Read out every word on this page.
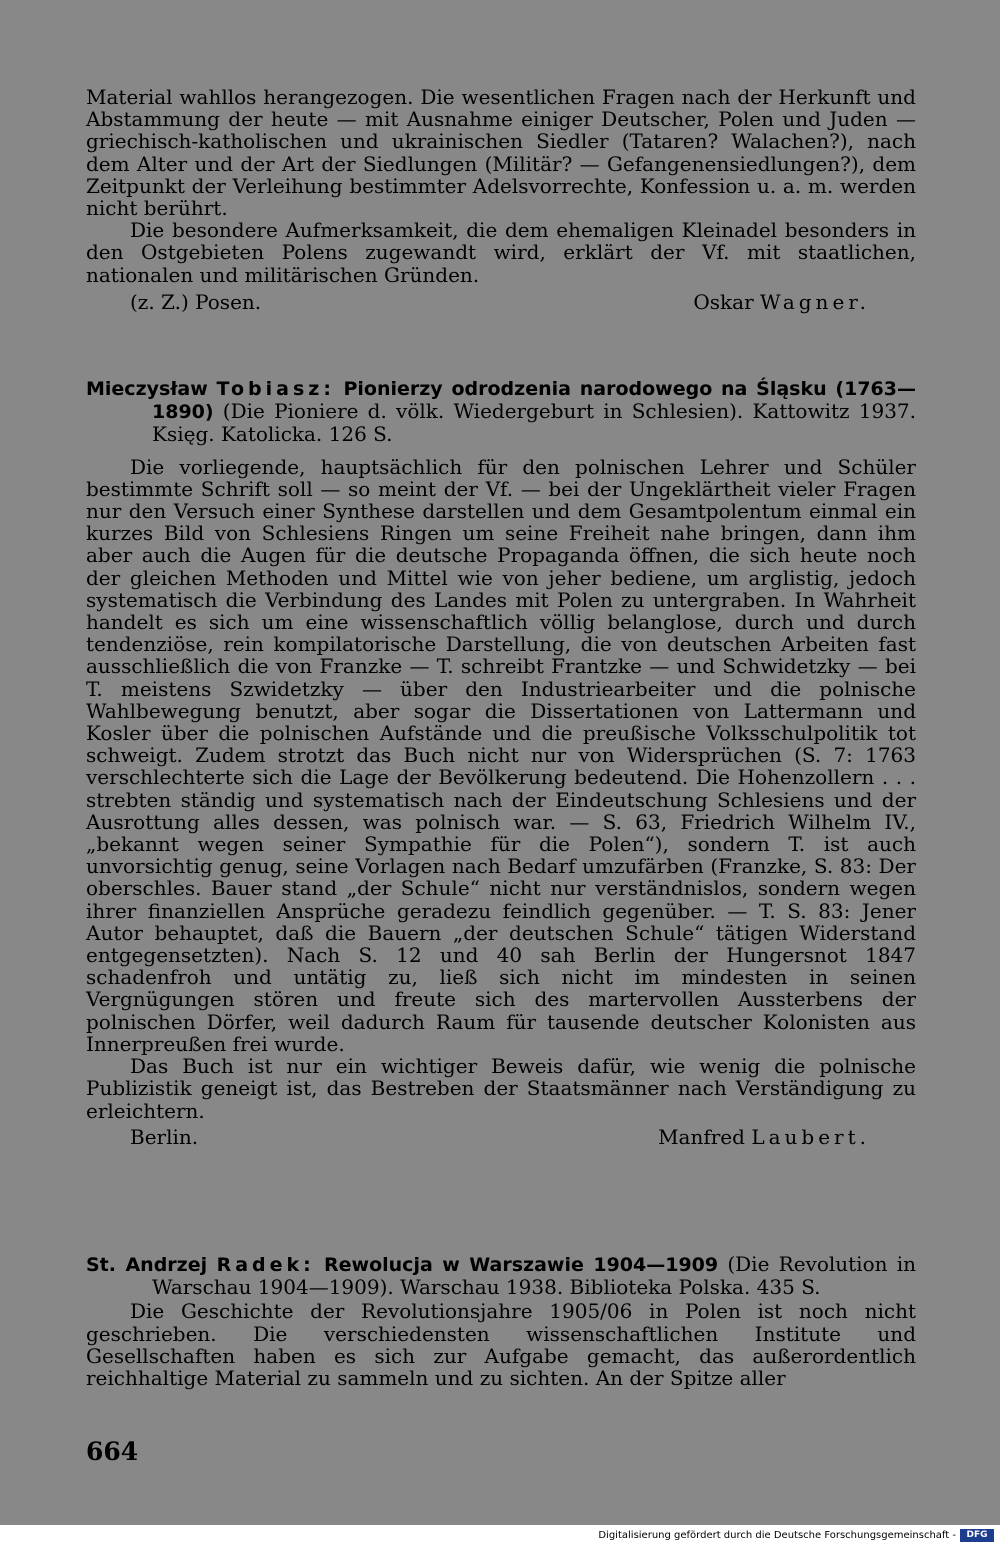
Material wahllos herangezogen. Die wesentlichen Fragen nach der Herkunft und Abstammung der heute — mit Ausnahme einiger Deutscher, Polen und Juden — griechisch-katholischen und ukrainischen Siedler (Tataren? Walachen?), nach dem Alter und der Art der Siedlungen (Militär? — Gefangenensiedlungen?), dem Zeitpunkt der Verleihung bestimmter Adelsvorrechte, Konfession u. a. m. werden nicht berührt.

Die besondere Aufmerksamkeit, die dem ehemaligen Kleinadel besonders in den Ostgebieten Polens zugewandt wird, erklärt der Vf. mit staatlichen, nationalen und militärischen Gründen.

(z. Z.) Posen.	Oskar Wagner.

Mieczysław Tobiasz: Pionierzy odrodzenia narodowego na Śląsku (1763—1890) (Die Pioniere d. völk. Wiedergeburt in Schlesien). Kattowitz 1937. Księg. Katolicka. 126 S.

Die vorliegende, hauptsächlich für den polnischen Lehrer und Schüler bestimmte Schrift soll — so meint der Vf. — bei der Ungeklärtheit vieler Fragen nur den Versuch einer Synthese darstellen und dem Gesamtpolentum einmal ein kurzes Bild von Schlesiens Ringen um seine Freiheit nahe bringen, dann ihm aber auch die Augen für die deutsche Propaganda öffnen, die sich heute noch der gleichen Methoden und Mittel wie von jeher bediene, um arglistig, jedoch systematisch die Verbindung des Landes mit Polen zu untergraben. In Wahrheit handelt es sich um eine wissenschaftlich völlig belanglose, durch und durch tendenziöse, rein kompilatorische Darstellung, die von deutschen Arbeiten fast ausschließlich die von Franzke — T. schreibt Frantzke — und Schwidetzky — bei T. meistens Szwidetzky — über den Industriearbeiter und die polnische Wahlbewegung benutzt, aber sogar die Dissertationen von Lattermann und Kosler über die polnischen Aufstände und die preußische Volksschulpolitik tot schweigt. Zudem strotzt das Buch nicht nur von Widersprüchen (S. 7: 1763 verschlechterte sich die Lage der Bevölkerung bedeutend. Die Hohenzollern . . . strebten ständig und systematisch nach der Eindeutschung Schlesiens und der Ausrottung alles dessen, was polnisch war. — S. 63, Friedrich Wilhelm IV., „bekannt wegen seiner Sympathie für die Polen“), sondern T. ist auch unvorsichtig genug, seine Vorlagen nach Bedarf umzufärben (Franzke, S. 83: Der oberschles. Bauer stand „der Schule“ nicht nur verständnislos, sondern wegen ihrer finanziellen Ansprüche geradezu feindlich gegenüber. — T. S. 83: Jener Autor behauptet, daß die Bauern „der deutschen Schule“ tätigen Widerstand entgegensetzten). Nach S. 12 und 40 sah Berlin der Hungersnot 1847 schadenfroh und untätig zu, ließ sich nicht im mindesten in seinen Vergnügungen stören und freute sich des martervollen Aussterbens der polnischen Dörfer, weil dadurch Raum für tausende deutscher Kolonisten aus Innerpreußen frei wurde.

Das Buch ist nur ein wichtiger Beweis dafür, wie wenig die polnische Publizistik geneigt ist, das Bestreben der Staatsmänner nach Verständigung zu erleichtern.

Berlin.	Manfred Laubert.

St. Andrzej Radek: Rewolucja w Warszawie 1904—1909 (Die Revolution in Warschau 1904—1909). Warschau 1938. Biblioteka Polska. 435 S.

Die Geschichte der Revolutionsjahre 1905/06 in Polen ist noch nicht geschrieben. Die verschiedensten wissenschaftlichen Institute und Gesellschaften haben es sich zur Aufgabe gemacht, das außerordentlich reichhaltige Material zu sammeln und zu sichten. An der Spitze aller

664
Digitalisierung gefördert durch die Deutsche Forschungsgemeinschaft -	DFG
